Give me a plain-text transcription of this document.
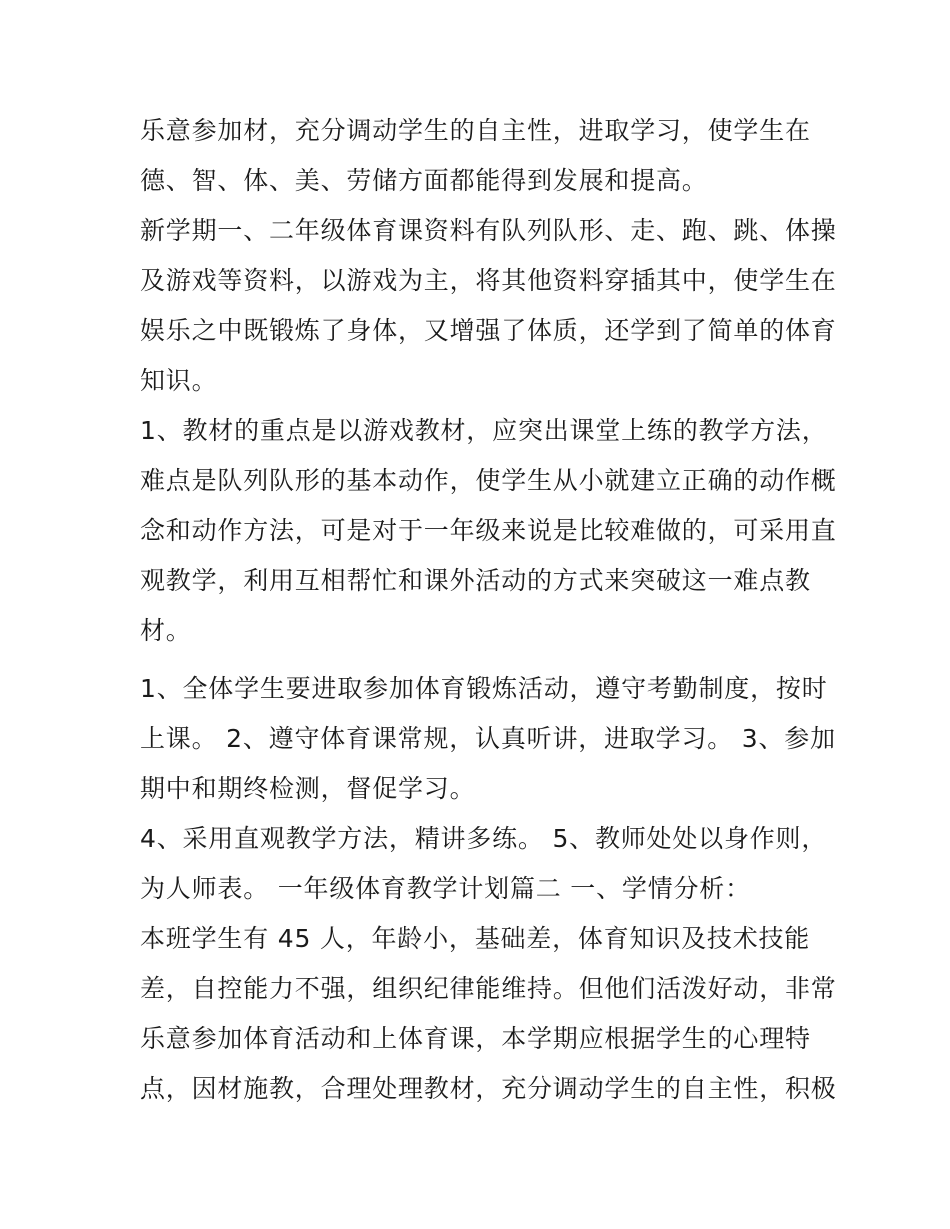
乐意参加材，充分调动学生的自主性，进取学习，使学生在
德、智、体、美、劳储方面都能得到发展和提高。
新学期一、二年级体育课资料有队列队形、走、跑、跳、体操
及游戏等资料，以游戏为主，将其他资料穿插其中，使学生在
娱乐之中既锻炼了身体，又增强了体质，还学到了简单的体育
知识。
1、教材的重点是以游戏教材，应突出课堂上练的教学方法，
难点是队列队形的基本动作，使学生从小就建立正确的动作概
念和动作方法，可是对于一年级来说是比较难做的，可采用直
观教学，利用互相帮忙和课外活动的方式来突破这一难点教
材。
1、全体学生要进取参加体育锻炼活动，遵守考勤制度，按时
上课。 2、遵守体育课常规，认真听讲，进取学习。 3、参加
期中和期终检测，督促学习。
4、采用直观教学方法，精讲多练。 5、教师处处以身作则，
为人师表。 一年级体育教学计划篇二 一、学情分析：
本班学生有 45 人，年龄小，基础差，体育知识及技术技能
差，自控能力不强，组织纪律能维持。但他们活泼好动，非常
乐意参加体育活动和上体育课，本学期应根据学生的心理特
点，因材施教，合理处理教材，充分调动学生的自主性，积极
